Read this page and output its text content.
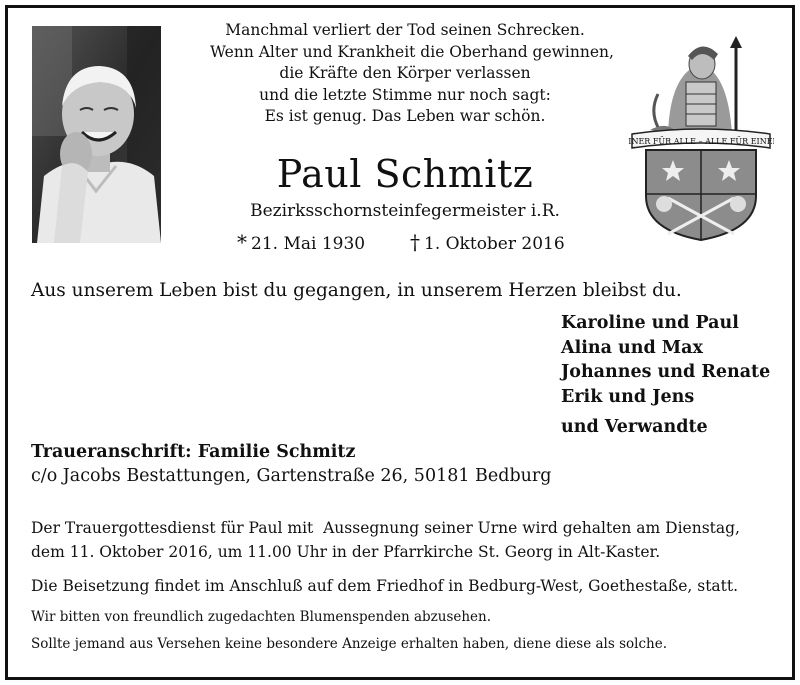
Manchmal verliert der Tod seinen Schrecken.
Wenn Alter und Krankheit die Oberhand gewinnen,
die Kräfte den Körper verlassen
und die letzte Stimme nur noch sagt:
Es ist genug. Das Leben war schön.
EINER FÜR ALLE – ALLE FÜR EINEN
Paul Schmitz
Bezirksschornsteinfegermeister i.R.
* 21. Mai 1930 † 1. Oktober 2016
Aus unserem Leben bist du gegangen, in unserem Herzen bleibst du.
Karoline und Paul
Alina und Max
Johannes und Renate
Erik und Jens
und Verwandte
Traueranschrift: Familie Schmitz
c/o Jacobs Bestattungen, Gartenstraße 26, 50181 Bedburg
Der Trauergottesdienst für Paul mit  Aussegnung seiner Urne wird gehalten am Dienstag,
dem 11. Oktober 2016, um 11.00 Uhr in der Pfarrkirche St. Georg in Alt-Kaster.
Die Beisetzung findet im Anschluß auf dem Friedhof in Bedburg-West, Goethestaße, statt.
Wir bitten von freundlich zugedachten Blumenspenden abzusehen.
Sollte jemand aus Versehen keine besondere Anzeige erhalten haben, diene diese als solche.
